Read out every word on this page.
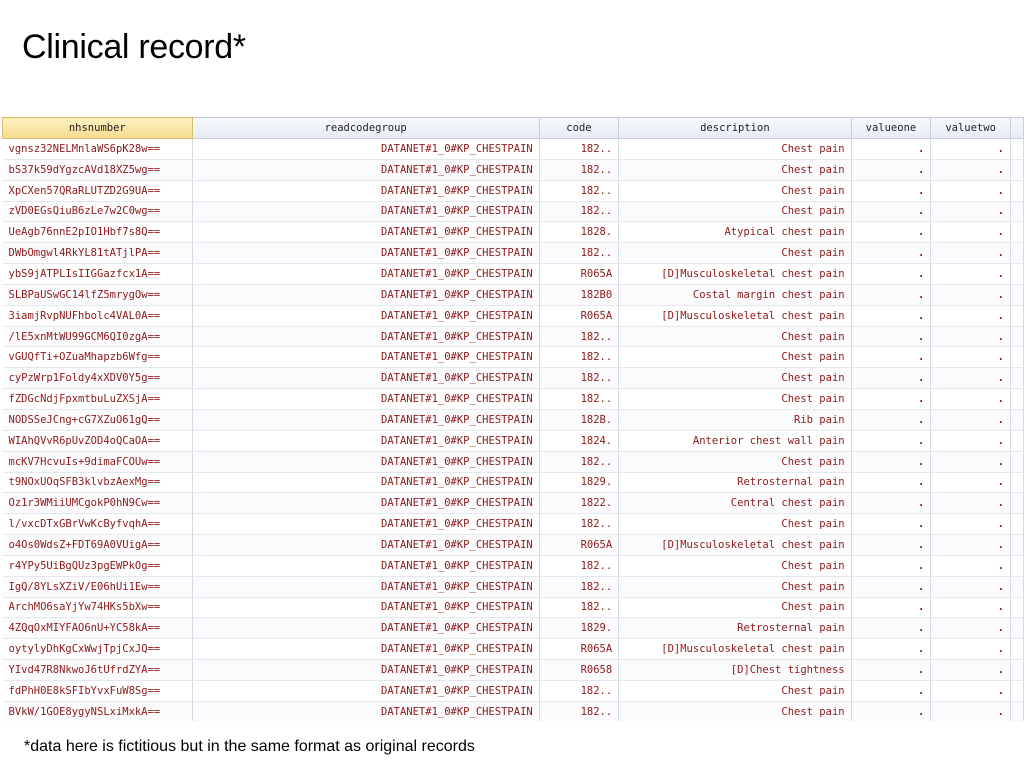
Clinical record*
nhsnumber	readcodegroup	code	description	valueone	valuetwo	
vgnsz32NELMnlaWS6pK28w==	DATANET#1_0#KP_CHESTPAIN	182..	Chest pain	.	.	
bS37k59dYgzcAVd18XZ5wg==	DATANET#1_0#KP_CHESTPAIN	182..	Chest pain	.	.	
XpCXen57QRaRLUTZD2G9UA==	DATANET#1_0#KP_CHESTPAIN	182..	Chest pain	.	.	
zVD0EGsQiuB6zLe7w2C0wg==	DATANET#1_0#KP_CHESTPAIN	182..	Chest pain	.	.	
UeAgb76nnE2pIO1Hbf7s8Q==	DATANET#1_0#KP_CHESTPAIN	1828.	Atypical chest pain	.	.	
DWbOmgwl4RkYL81tATjlPA==	DATANET#1_0#KP_CHESTPAIN	182..	Chest pain	.	.	
ybS9jATPLIsIIGGazfcx1A==	DATANET#1_0#KP_CHESTPAIN	R065A	[D]Musculoskeletal chest pain	.	.	
SLBPaUSwGC14lfZ5mrygOw==	DATANET#1_0#KP_CHESTPAIN	182B0	Costal margin chest pain	.	.	
3iamjRvpNUFhbolc4VAL0A==	DATANET#1_0#KP_CHESTPAIN	R065A	[D]Musculoskeletal chest pain	.	.	
/lE5xnMtWU99GCM6QI0zgA==	DATANET#1_0#KP_CHESTPAIN	182..	Chest pain	.	.	
vGUQfTi+OZuaMhapzb6Wfg==	DATANET#1_0#KP_CHESTPAIN	182..	Chest pain	.	.	
cyPzWrp1Foldy4xXDV0Y5g==	DATANET#1_0#KP_CHESTPAIN	182..	Chest pain	.	.	
fZDGcNdjFpxmtbuLuZXSjA==	DATANET#1_0#KP_CHESTPAIN	182..	Chest pain	.	.	
NODSSeJCng+cG7XZuO61gQ==	DATANET#1_0#KP_CHESTPAIN	182B.	Rib pain	.	.	
WIAhQVvR6pUvZOD4oQCaOA==	DATANET#1_0#KP_CHESTPAIN	1824.	Anterior chest wall pain	.	.	
mcKV7HcvuIs+9dimaFCOUw==	DATANET#1_0#KP_CHESTPAIN	182..	Chest pain	.	.	
t9NOxUOqSFB3klvbzAexMg==	DATANET#1_0#KP_CHESTPAIN	1829.	Retrosternal pain	.	.	
Oz1r3WMiiUMCgokP0hN9Cw==	DATANET#1_0#KP_CHESTPAIN	1822.	Central chest pain	.	.	
l/vxcDTxGBrVwKcByfvqhA==	DATANET#1_0#KP_CHESTPAIN	182..	Chest pain	.	.	
o4Os0WdsZ+FDT69A0VUigA==	DATANET#1_0#KP_CHESTPAIN	R065A	[D]Musculoskeletal chest pain	.	.	
r4YPy5UiBgQUz3pgEWPkOg==	DATANET#1_0#KP_CHESTPAIN	182..	Chest pain	.	.	
IgQ/8YLsXZiV/E06hUi1Ew==	DATANET#1_0#KP_CHESTPAIN	182..	Chest pain	.	.	
ArchMO6saYjYw74HKs5bXw==	DATANET#1_0#KP_CHESTPAIN	182..	Chest pain	.	.	
4ZQqOxMIYFAO6nU+YC58kA==	DATANET#1_0#KP_CHESTPAIN	1829.	Retrosternal pain	.	.	
oytylyDhKgCxWwjTpjCxJQ==	DATANET#1_0#KP_CHESTPAIN	R065A	[D]Musculoskeletal chest pain	.	.	
YIvd47R8NkwoJ6tUfrdZYA==	DATANET#1_0#KP_CHESTPAIN	R0658	[D]Chest tightness	.	.	
fdPhH0E8kSFIbYvxFuW8Sg==	DATANET#1_0#KP_CHESTPAIN	182..	Chest pain	.	.	
BVkW/1GOE8ygyNSLxiMxkA==	DATANET#1_0#KP_CHESTPAIN	182..	Chest pain	.	.	
*data here is fictitious but in the same format as original records
